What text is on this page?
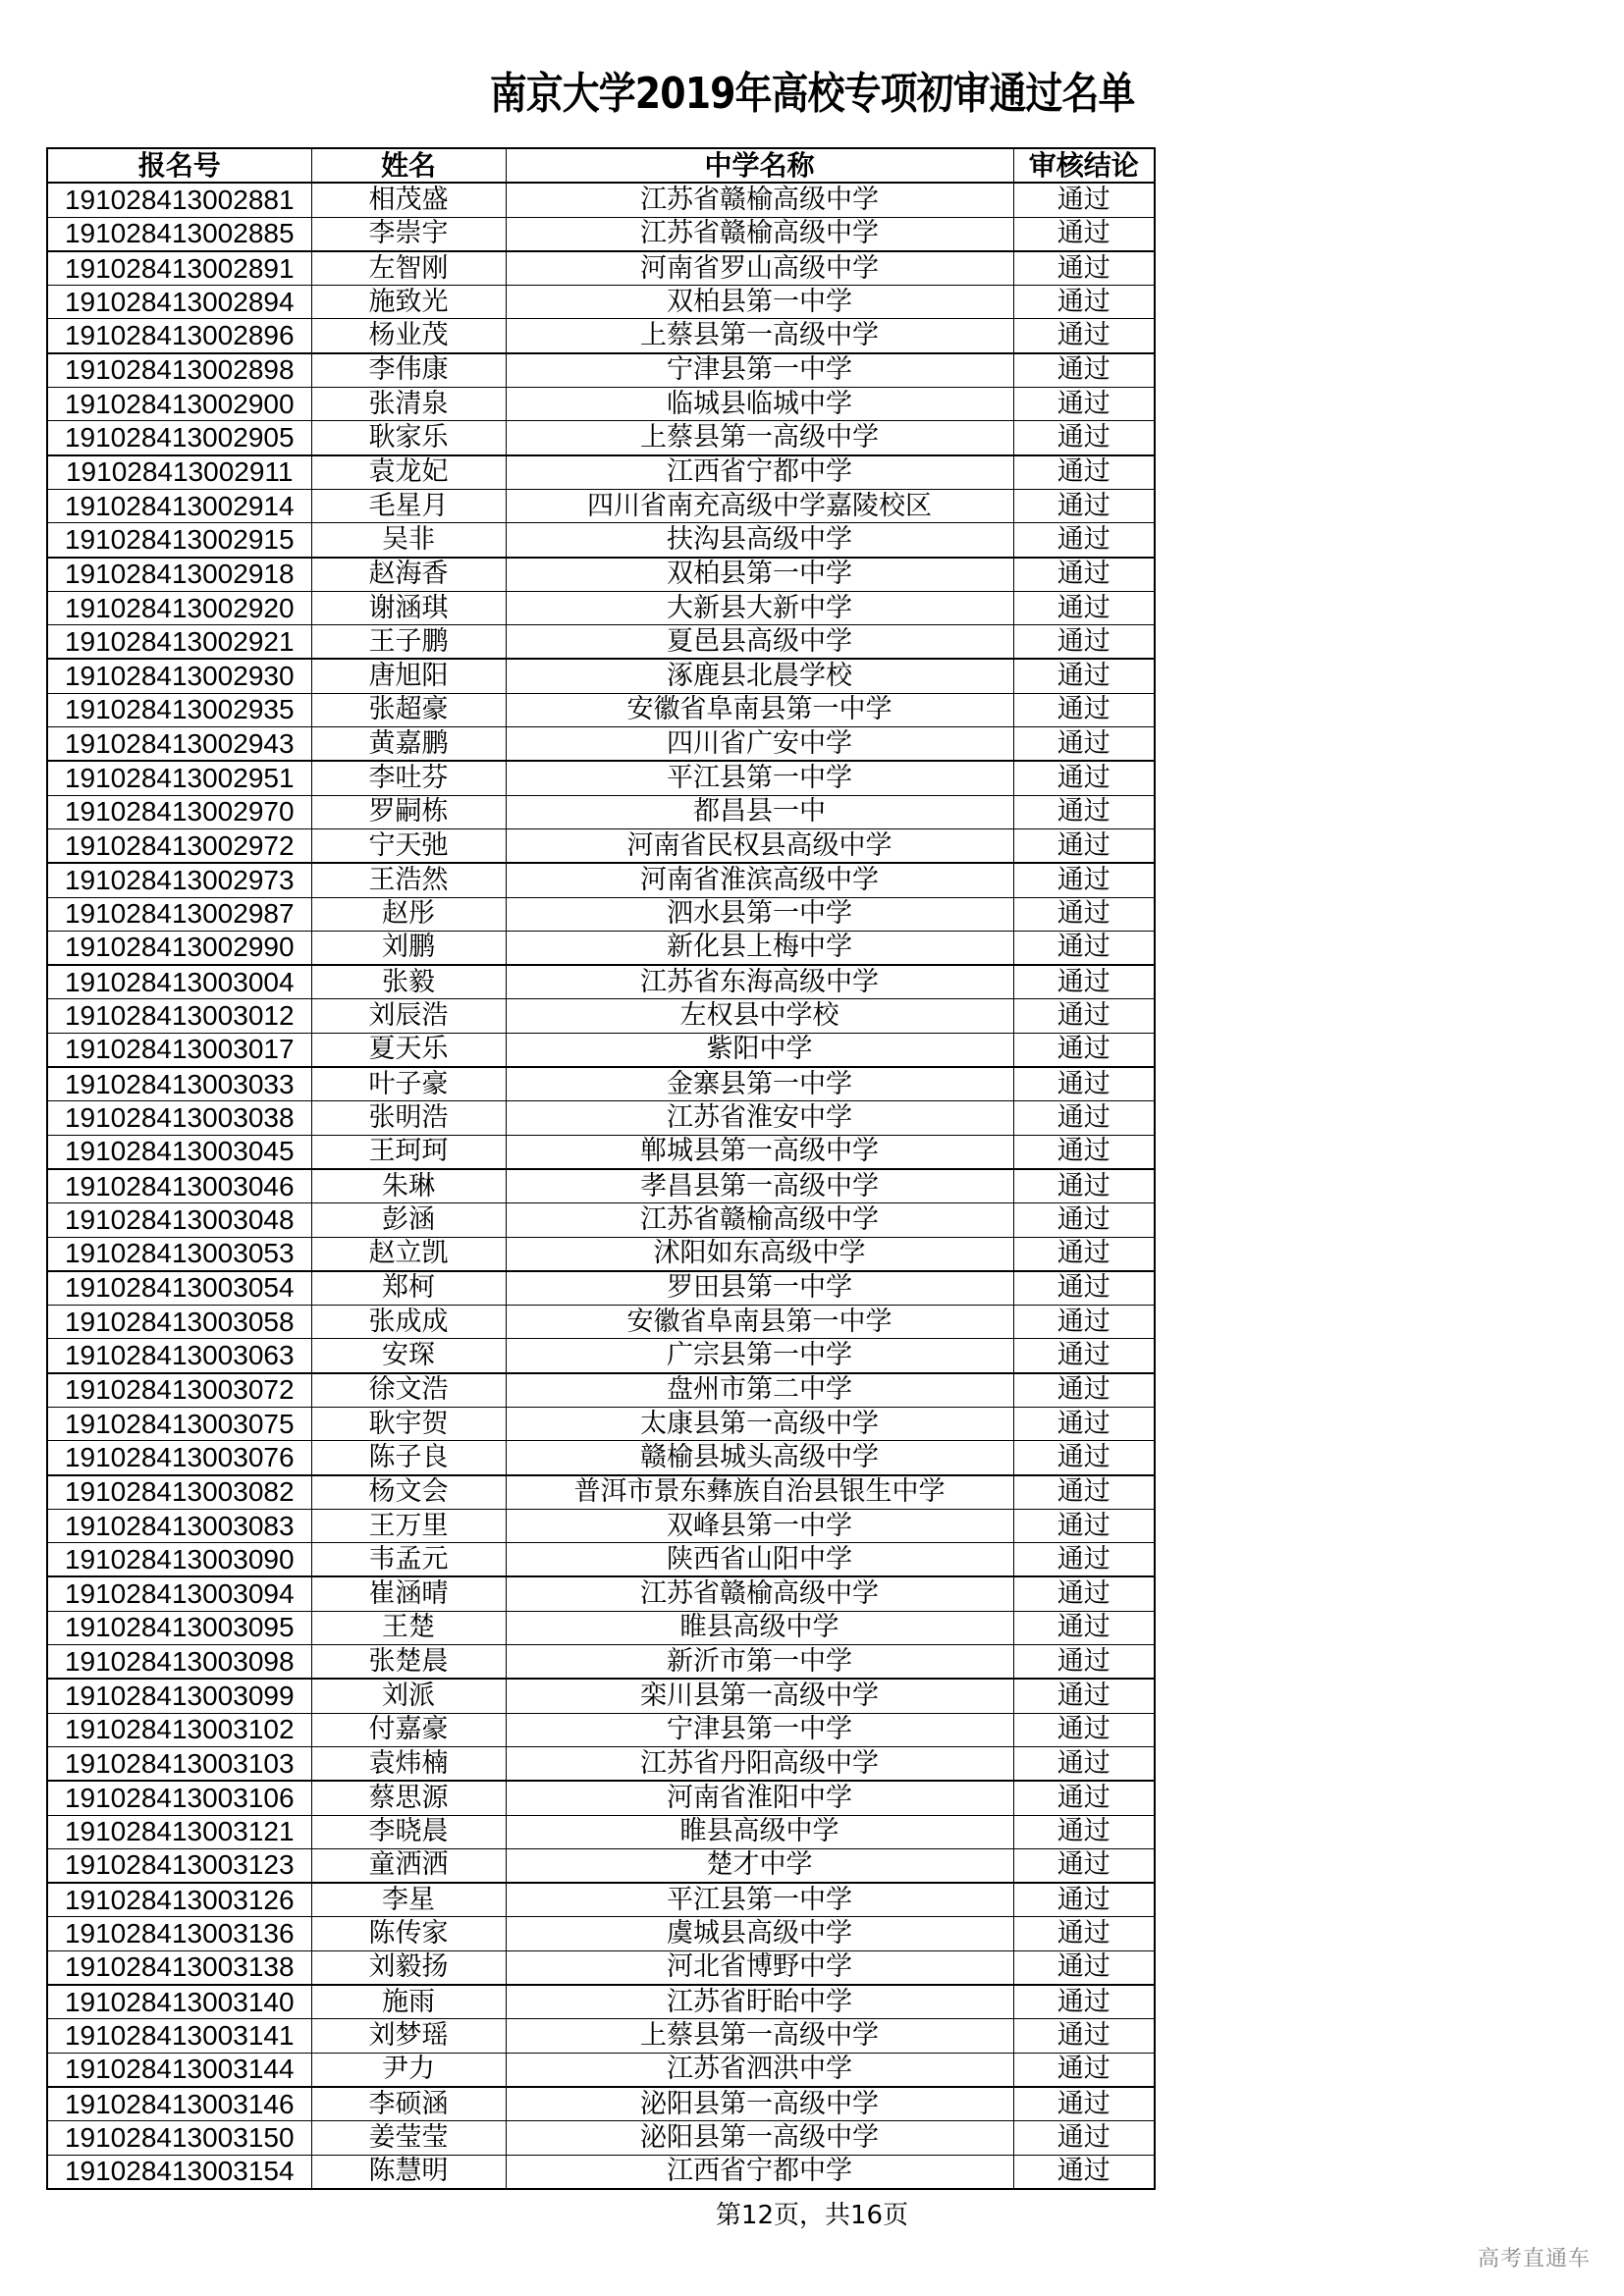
南京大学2019年高校专项初审通过名单
报名号	姓名	中学名称	审核结论
191028413002881	相茂盛	江苏省赣榆高级中学	通过
191028413002885	李崇宇	江苏省赣榆高级中学	通过
191028413002891	左智刚	河南省罗山高级中学	通过
191028413002894	施致光	双柏县第一中学	通过
191028413002896	杨业茂	上蔡县第一高级中学	通过
191028413002898	李伟康	宁津县第一中学	通过
191028413002900	张清泉	临城县临城中学	通过
191028413002905	耿家乐	上蔡县第一高级中学	通过
191028413002911	袁龙妃	江西省宁都中学	通过
191028413002914	毛星月	四川省南充高级中学嘉陵校区	通过
191028413002915	吴非	扶沟县高级中学	通过
191028413002918	赵海香	双柏县第一中学	通过
191028413002920	谢涵琪	大新县大新中学	通过
191028413002921	王子鹏	夏邑县高级中学	通过
191028413002930	唐旭阳	涿鹿县北晨学校	通过
191028413002935	张超豪	安徽省阜南县第一中学	通过
191028413002943	黄嘉鹏	四川省广安中学	通过
191028413002951	李吐芬	平江县第一中学	通过
191028413002970	罗嗣栋	都昌县一中	通过
191028413002972	宁天弛	河南省民权县高级中学	通过
191028413002973	王浩然	河南省淮滨高级中学	通过
191028413002987	赵彤	泗水县第一中学	通过
191028413002990	刘鹏	新化县上梅中学	通过
191028413003004	张毅	江苏省东海高级中学	通过
191028413003012	刘辰浩	左权县中学校	通过
191028413003017	夏天乐	紫阳中学	通过
191028413003033	叶子豪	金寨县第一中学	通过
191028413003038	张明浩	江苏省淮安中学	通过
191028413003045	王珂珂	郸城县第一高级中学	通过
191028413003046	朱琳	孝昌县第一高级中学	通过
191028413003048	彭涵	江苏省赣榆高级中学	通过
191028413003053	赵立凯	沭阳如东高级中学	通过
191028413003054	郑柯	罗田县第一中学	通过
191028413003058	张成成	安徽省阜南县第一中学	通过
191028413003063	安琛	广宗县第一中学	通过
191028413003072	徐文浩	盘州市第二中学	通过
191028413003075	耿宇贺	太康县第一高级中学	通过
191028413003076	陈子良	赣榆县城头高级中学	通过
191028413003082	杨文会	普洱市景东彝族自治县银生中学	通过
191028413003083	王万里	双峰县第一中学	通过
191028413003090	韦孟元	陕西省山阳中学	通过
191028413003094	崔涵晴	江苏省赣榆高级中学	通过
191028413003095	王楚	睢县高级中学	通过
191028413003098	张楚晨	新沂市第一中学	通过
191028413003099	刘派	栾川县第一高级中学	通过
191028413003102	付嘉豪	宁津县第一中学	通过
191028413003103	袁炜楠	江苏省丹阳高级中学	通过
191028413003106	蔡思源	河南省淮阳中学	通过
191028413003121	李晓晨	睢县高级中学	通过
191028413003123	童洒洒	楚才中学	通过
191028413003126	李星	平江县第一中学	通过
191028413003136	陈传家	虞城县高级中学	通过
191028413003138	刘毅扬	河北省博野中学	通过
191028413003140	施雨	江苏省盱眙中学	通过
191028413003141	刘梦瑶	上蔡县第一高级中学	通过
191028413003144	尹力	江苏省泗洪中学	通过
191028413003146	李硕涵	泌阳县第一高级中学	通过
191028413003150	姜莹莹	泌阳县第一高级中学	通过
191028413003154	陈慧明	江西省宁都中学	通过
第12页，共16页
高考直通车
